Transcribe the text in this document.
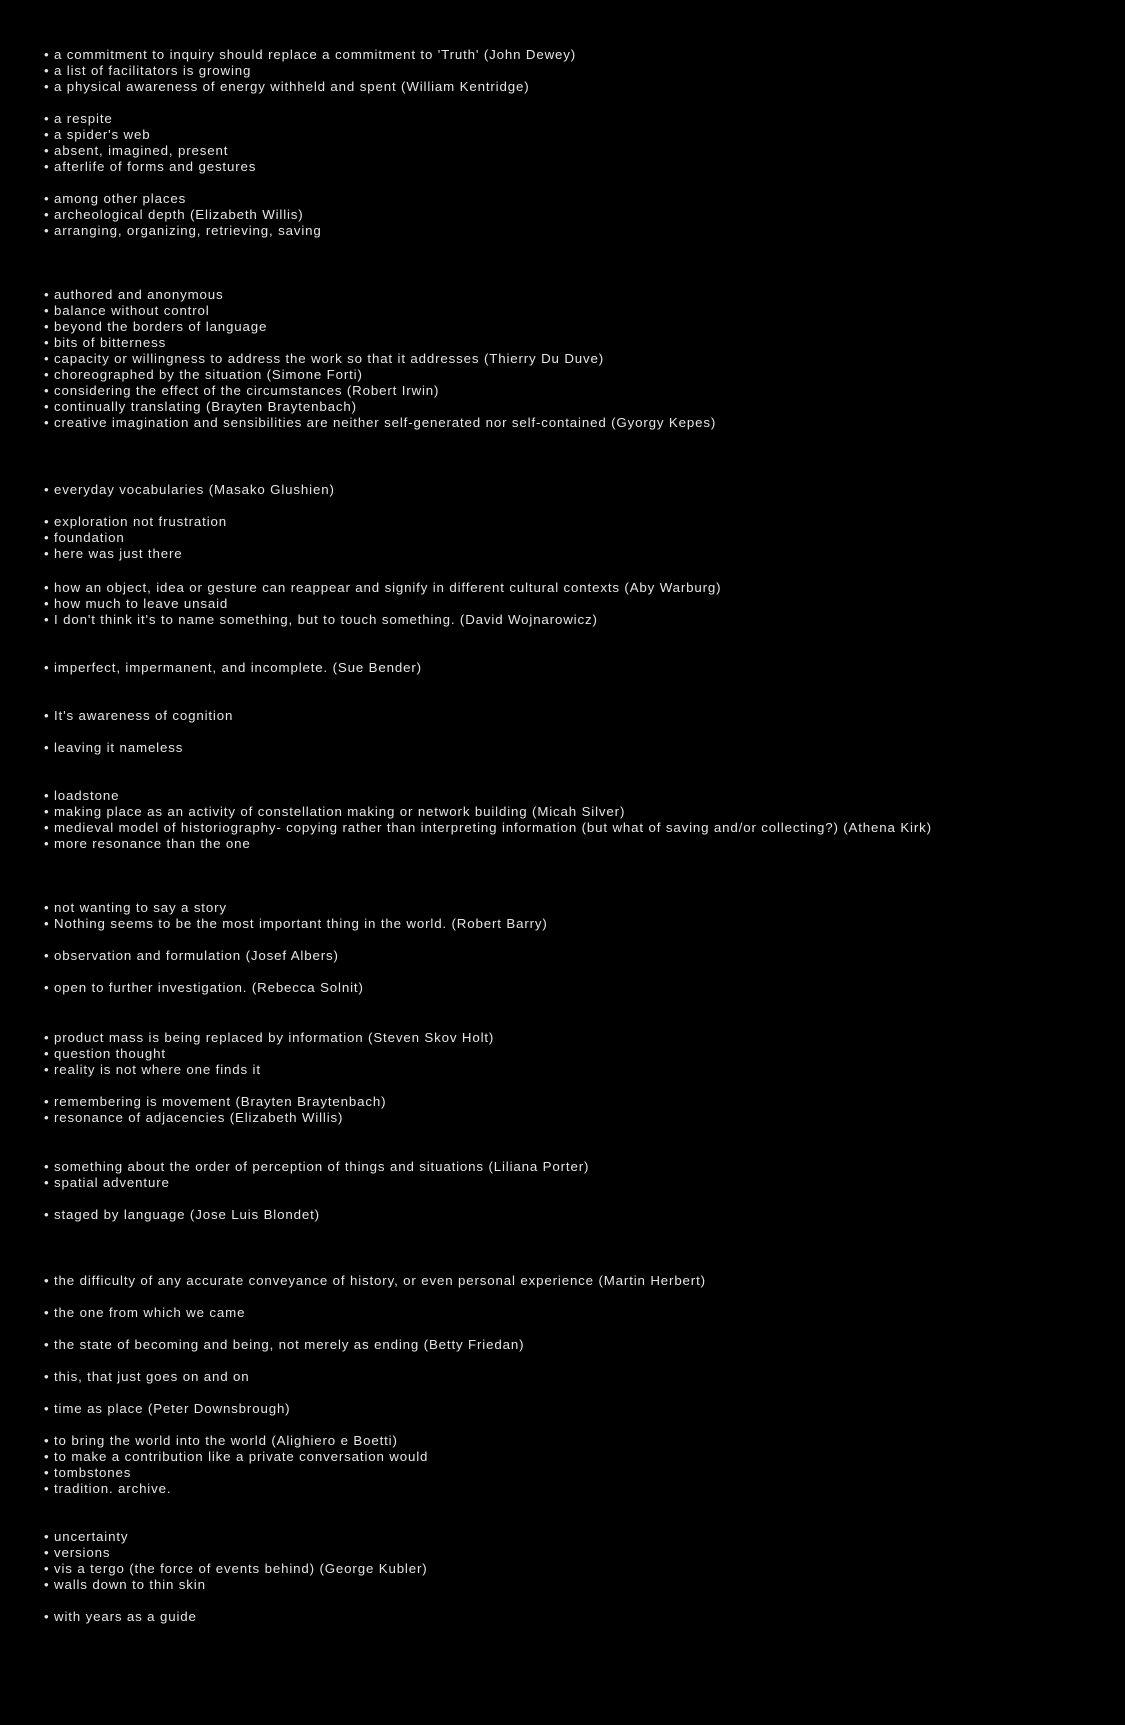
• a commitment to inquiry should replace a commitment to 'Truth' (John Dewey)
• a list of facilitators is growing
• a physical awareness of energy withheld and spent (William Kentridge)
• a respite
• a spider's web
• absent, imagined, present
• afterlife of forms and gestures
• among other places
• archeological depth (Elizabeth Willis)
• arranging, organizing, retrieving, saving
• authored and anonymous
• balance without control
• beyond the borders of language
• bits of bitterness
• capacity or willingness to address the work so that it addresses (Thierry Du Duve)
• choreographed by the situation (Simone Forti)
• considering the effect of the circumstances (Robert Irwin)
• continually translating (Brayten Braytenbach)
• creative imagination and sensibilities are neither self-generated nor self-contained (Gyorgy Kepes)
• everyday vocabularies (Masako Glushien)
• exploration not frustration
• foundation
• here was just there
• how an object, idea or gesture can reappear and signify in different cultural contexts (Aby Warburg)
• how much to leave unsaid
• I don't think it's to name something, but to touch something. (David Wojnarowicz)
• imperfect, impermanent, and incomplete. (Sue Bender)
• It's awareness of cognition
• leaving it nameless
• loadstone
• making place as an activity of constellation making or network building (Micah Silver)
• medieval model of historiography- copying rather than interpreting information (but what of saving and/or collecting?) (Athena Kirk)
• more resonance than the one
• not wanting to say a story
• Nothing seems to be the most important thing in the world. (Robert Barry)
• observation and formulation (Josef Albers)
• open to further investigation. (Rebecca Solnit)
• product mass is being replaced by information (Steven Skov Holt)
• question thought
• reality is not where one finds it
• remembering is movement (Brayten Braytenbach)
• resonance of adjacencies (Elizabeth Willis)
• something about the order of perception of things and situations (Liliana Porter)
• spatial adventure
• staged by language (Jose Luis Blondet)
• the difficulty of any accurate conveyance of history, or even personal experience (Martin Herbert)
• the one from which we came
• the state of becoming and being, not merely as ending (Betty Friedan)
• this, that just goes on and on
• time as place (Peter Downsbrough)
• to bring the world into the world (Alighiero e Boetti)
• to make a contribution like a private conversation would
• tombstones
• tradition. archive.
• uncertainty
• versions
• vis a tergo (the force of events behind) (George Kubler)
• walls down to thin skin
• with years as a guide
